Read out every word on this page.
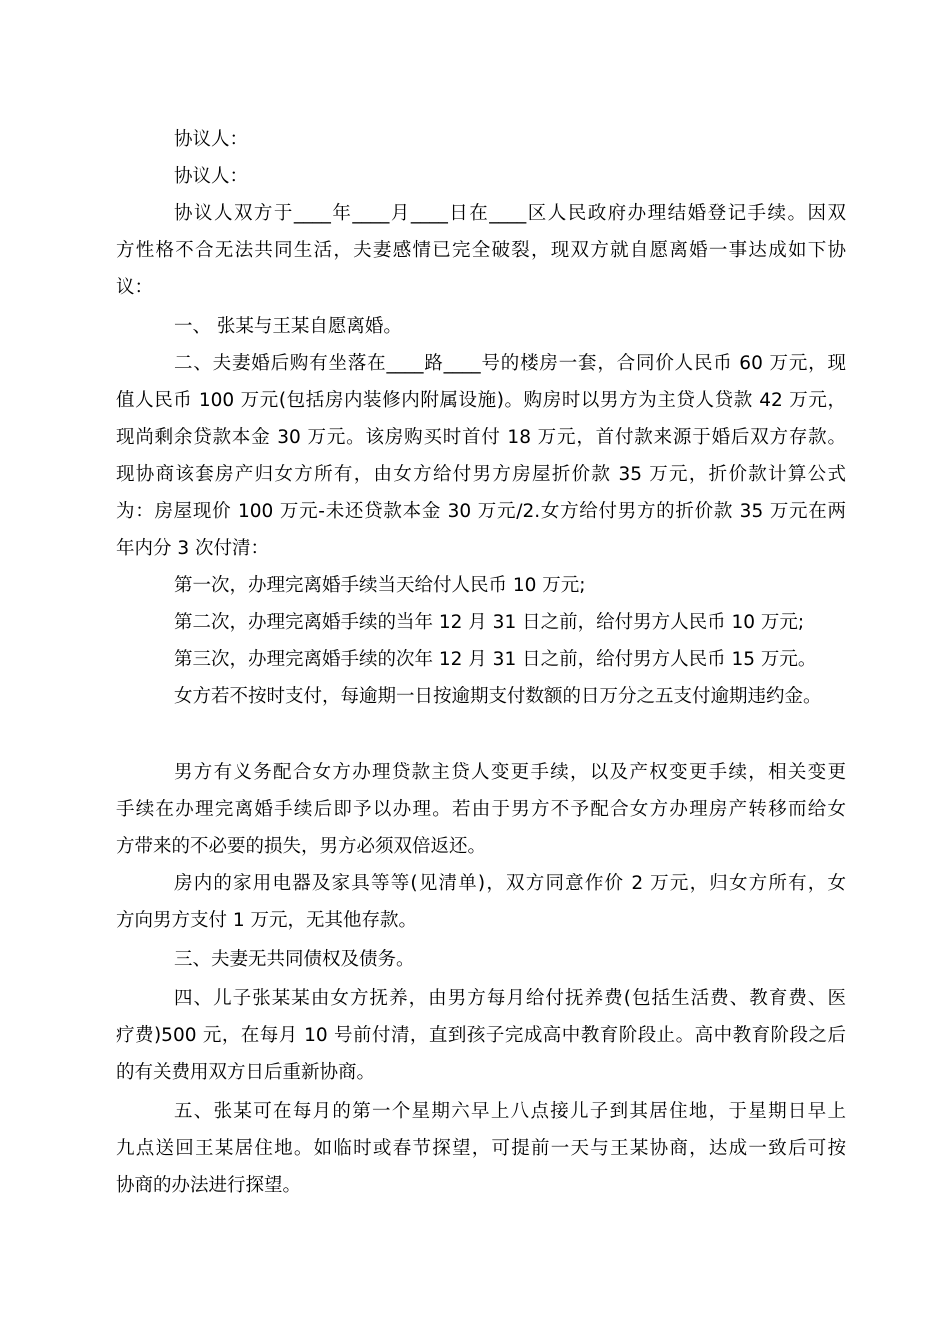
协议人：
协议人：
协议人双方于____年____月____日在____区人民政府办理结婚登记手续。因双
方性格不合无法共同生活，夫妻感情已完全破裂，现双方就自愿离婚一事达成如下协
议：
一、 张某与王某自愿离婚。
二、夫妻婚后购有坐落在____路____号的楼房一套，合同价人民币 60 万元，现
值人民币 100 万元(包括房内装修内附属设施)。购房时以男方为主贷人贷款 42 万元，
现尚剩余贷款本金 30 万元。该房购买时首付 18 万元，首付款来源于婚后双方存款。
现协商该套房产归女方所有，由女方给付男方房屋折价款 35 万元，折价款计算公式
为：房屋现价 100 万元-未还贷款本金 30 万元/2.女方给付男方的折价款 35 万元在两
年内分 3 次付清：
第一次，办理完离婚手续当天给付人民币 10 万元;
第二次，办理完离婚手续的当年 12 月 31 日之前，给付男方人民币 10 万元;
第三次，办理完离婚手续的次年 12 月 31 日之前，给付男方人民币 15 万元。
女方若不按时支付，每逾期一日按逾期支付数额的日万分之五支付逾期违约金。
男方有义务配合女方办理贷款主贷人变更手续，以及产权变更手续，相关变更
手续在办理完离婚手续后即予以办理。若由于男方不予配合女方办理房产转移而给女
方带来的不必要的损失，男方必须双倍返还。
房内的家用电器及家具等等(见清单)，双方同意作价 2 万元，归女方所有，女
方向男方支付 1 万元，无其他存款。
三、夫妻无共同债权及债务。
四、儿子张某某由女方抚养，由男方每月给付抚养费(包括生活费、教育费、医
疗费)500 元，在每月 10 号前付清，直到孩子完成高中教育阶段止。高中教育阶段之后
的有关费用双方日后重新协商。
五、张某可在每月的第一个星期六早上八点接儿子到其居住地，于星期日早上
九点送回王某居住地。如临时或春节探望，可提前一天与王某协商，达成一致后可按
协商的办法进行探望。
